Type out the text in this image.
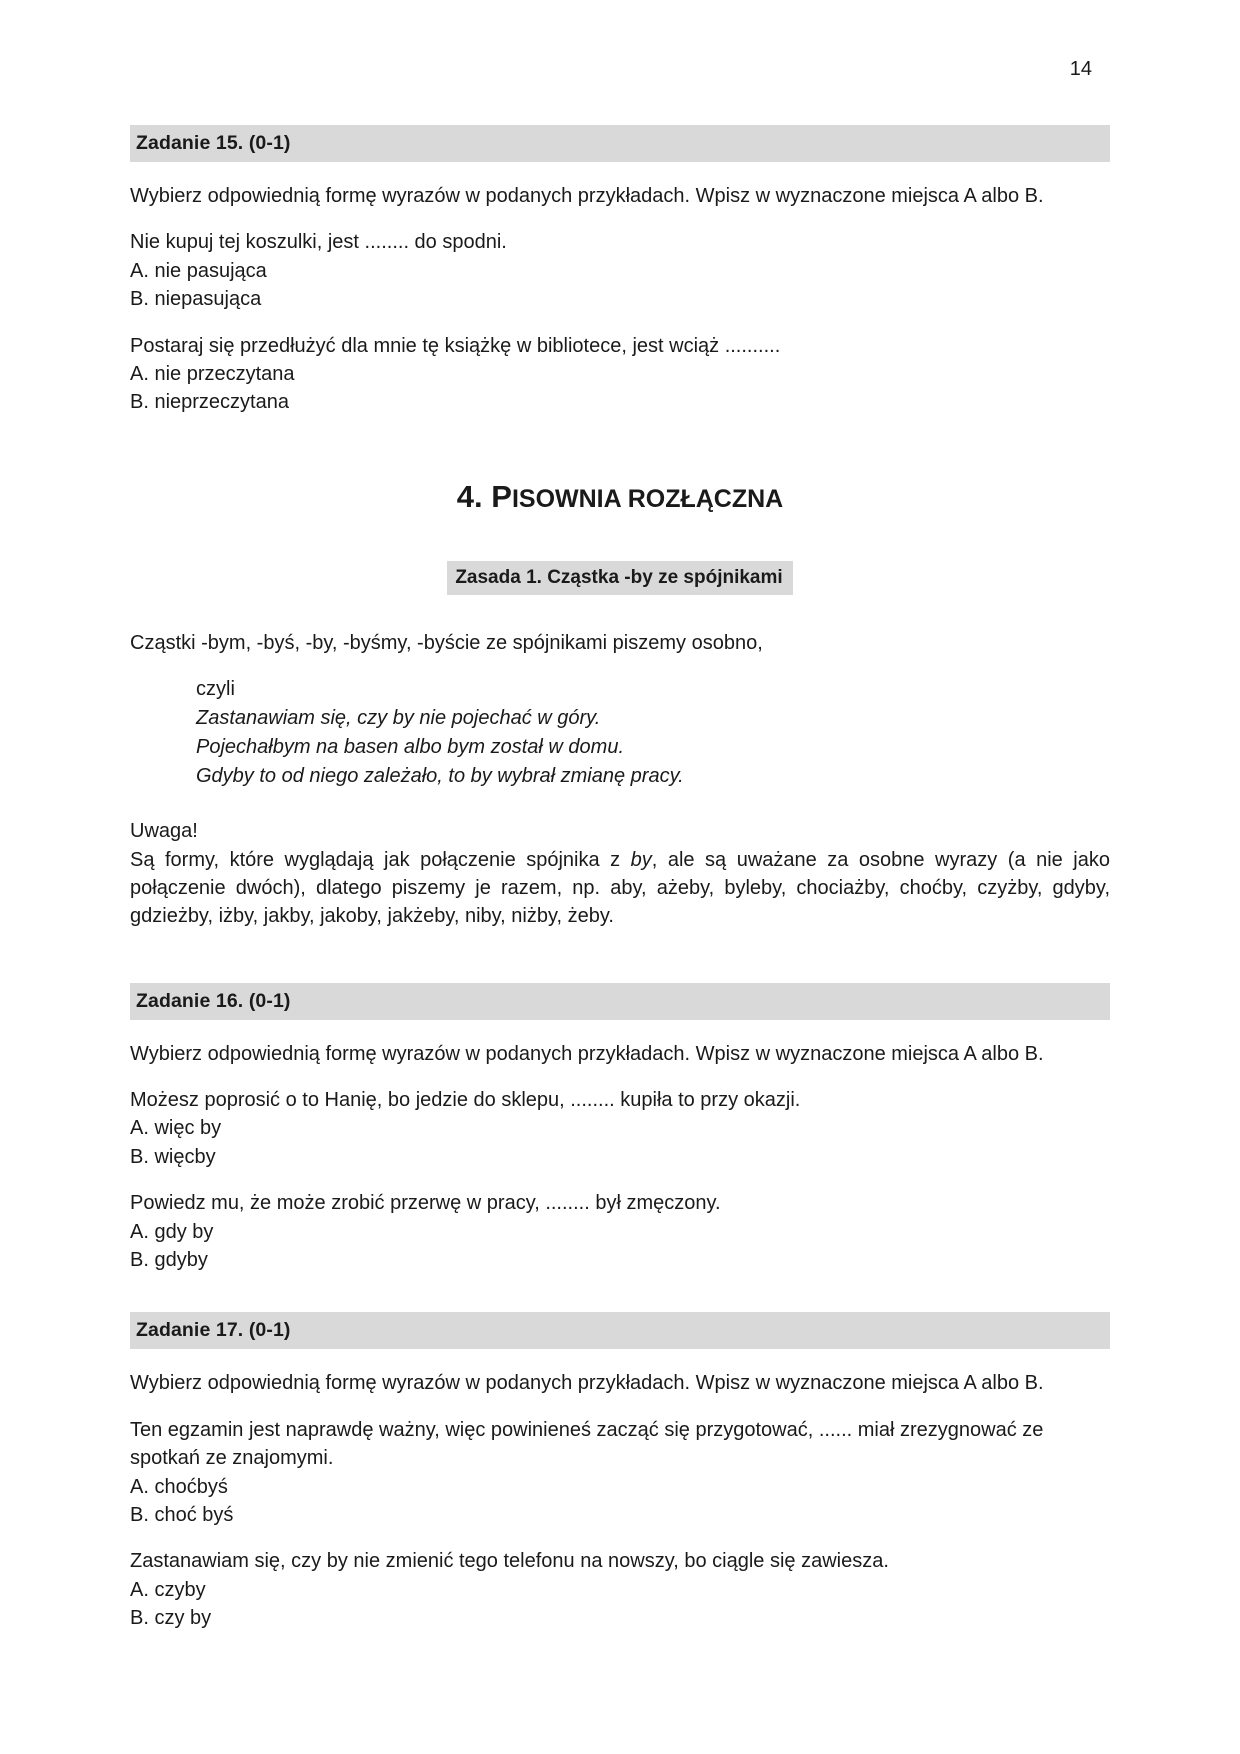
14
Zadanie 15. (0-1)

Wybierz odpowiednią formę wyrazów w podanych przykładach. Wpisz w wyznaczone miejsca A albo B.

Nie kupuj tej koszulki, jest ........ do spodni.

A. nie pasująca

B. niepasująca

Postaraj się przedłużyć dla mnie tę książkę w bibliotece, jest wciąż ..........

A. nie przeczytana

B. nieprzeczytana

4. PISOWNIA ROZŁĄCZNA
Zasada 1. Cząstka -by ze spójnikami

Cząstki -bym, -byś, -by, -byśmy, -byście ze spójnikami piszemy osobno,

czyli
Zastanawiam się, czy by nie pojechać w góry.
Pojechałbym na basen albo bym został w domu.
Gdyby to od niego zależało, to by wybrał zmianę pracy.

Uwaga!

Są formy, które wyglądają jak połączenie spójnika z by, ale są uważane za osobne wyrazy (a nie jako połączenie dwóch), dlatego piszemy je razem, np. aby, ażeby, byleby, chociażby, choćby, czyżby, gdyby, gdzieżby, iżby, jakby, jakoby, jakżeby, niby, niżby, żeby.

Zadanie 16. (0-1)

Wybierz odpowiednią formę wyrazów w podanych przykładach. Wpisz w wyznaczone miejsca A albo B.

Możesz poprosić o to Hanię, bo jedzie do sklepu, ........ kupiła to przy okazji.

A. więc by

B. więcby

Powiedz mu, że może zrobić przerwę w pracy, ........ był zmęczony.

A. gdy by

B. gdyby

Zadanie 17. (0-1)

Wybierz odpowiednią formę wyrazów w podanych przykładach. Wpisz w wyznaczone miejsca A albo B.

Ten egzamin jest naprawdę ważny, więc powinieneś zacząć się przygotować, ...... miał zrezygnować ze spotkań ze znajomymi.

A. choćbyś

B. choć byś

Zastanawiam się, czy by nie zmienić tego telefonu na nowszy, bo ciągle się zawiesza.

A. czyby

B. czy by
